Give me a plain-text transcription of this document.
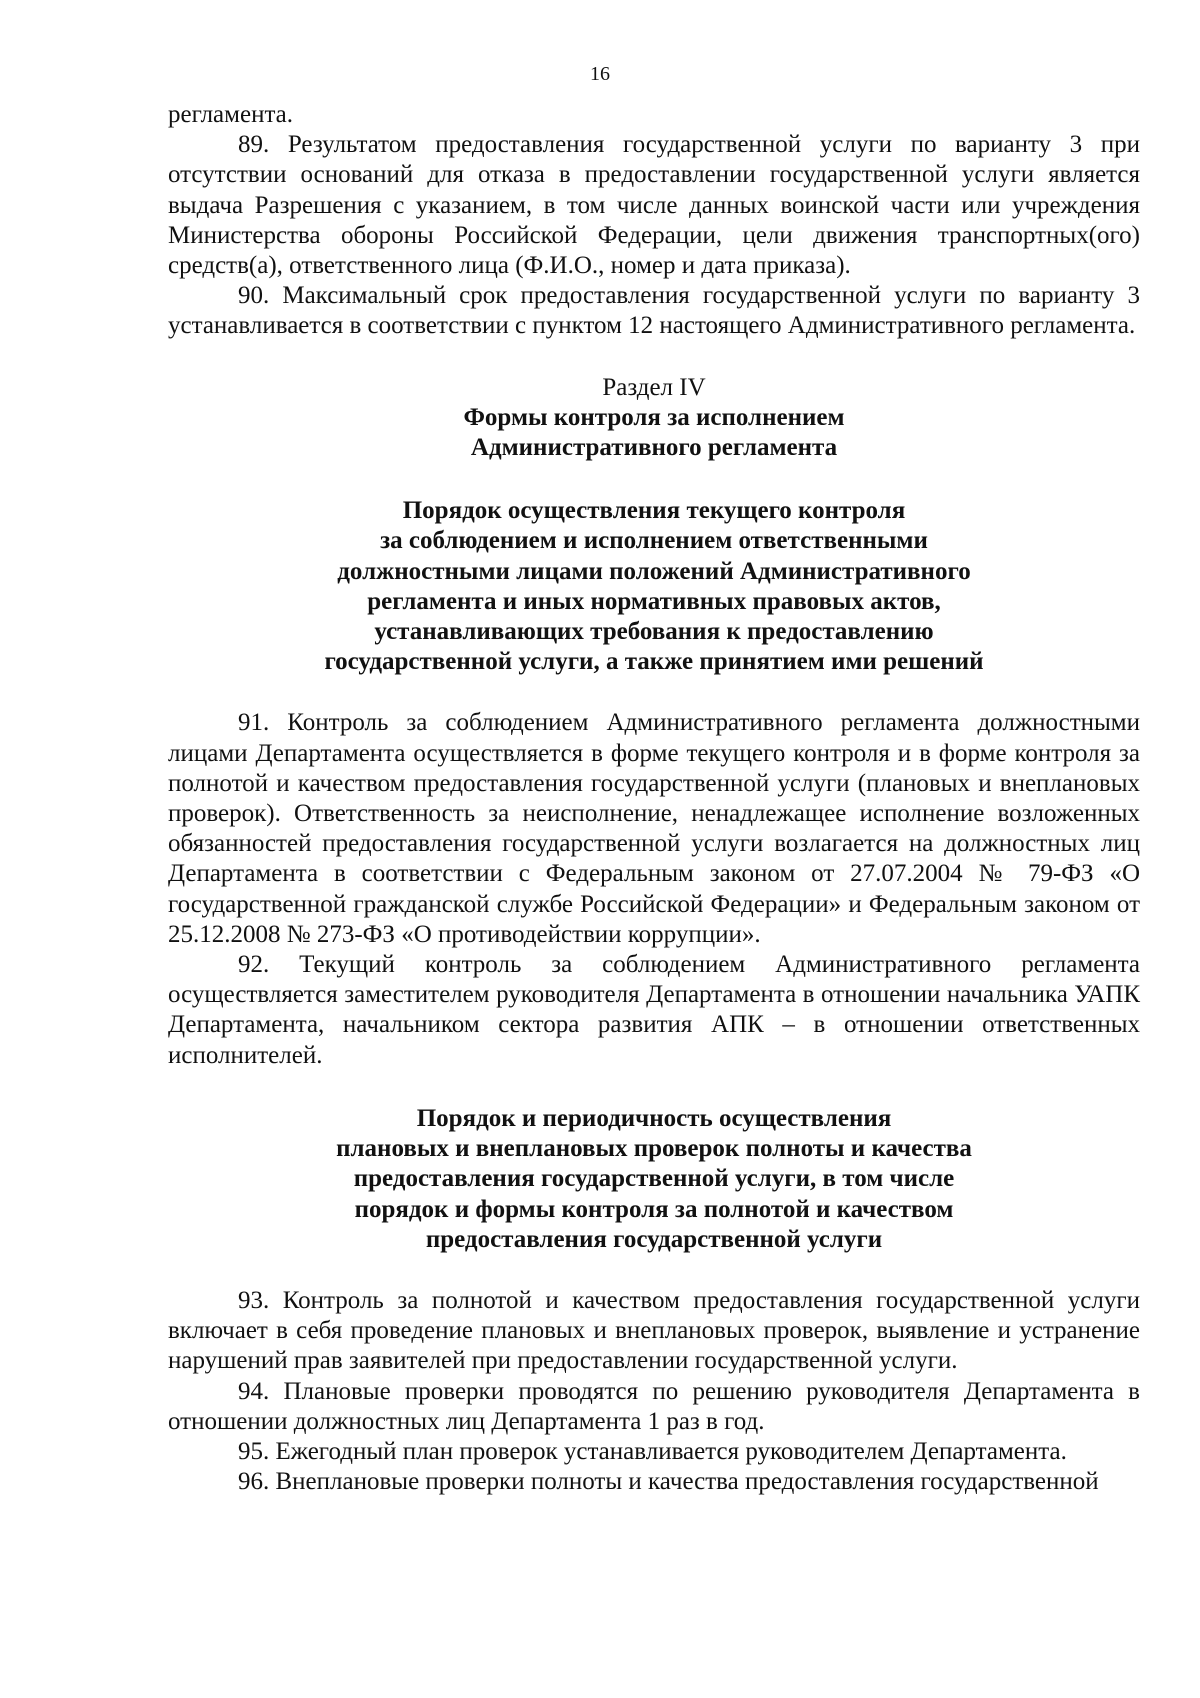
16

регламента.

89. Результатом предоставления государственной услуги по варианту 3 при отсутствии оснований для отказа в предоставлении государственной услуги является выдача Разрешения с указанием, в том числе данных воинской части или учреждения Министерства обороны Российской Федерации, цели движения транспортных(ого) средств(а), ответственного лица (Ф.И.О., номер и дата приказа).

90. Максимальный срок предоставления государственной услуги по варианту 3 устанавливается в соответствии с пунктом 12 настоящего Административного регламента.

Раздел IV

Формы контроля за исполнением

Административного регламента

Порядок осуществления текущего контроля

за соблюдением и исполнением ответственными

должностными лицами положений Административного

регламента и иных нормативных правовых актов,

устанавливающих требования к предоставлению

государственной услуги, а также принятием ими решений

91. Контроль за соблюдением Административного регламента должностными лицами Департамента осуществляется в форме текущего контроля и в форме контроля за полнотой и качеством предоставления государственной услуги (плановых и внеплановых проверок). Ответственность за неисполнение, ненадлежащее исполнение возложенных обязанностей предоставления государственной услуги возлагается на должностных лиц Департамента в соответствии с Федеральным законом от 27.07.2004 № 79-ФЗ «О государственной гражданской службе Российской Федерации» и Федеральным законом от 25.12.2008 № 273-ФЗ «О противодействии коррупции».

92. Текущий контроль за соблюдением Административного регламента осуществляется заместителем руководителя Департамента в отношении начальника УАПК Департамента, начальником сектора развития АПК – в отношении ответственных исполнителей.

Порядок и периодичность осуществления

плановых и внеплановых проверок полноты и качества

предоставления государственной услуги, в том числе

порядок и формы контроля за полнотой и качеством

предоставления государственной услуги

93. Контроль за полнотой и качеством предоставления государственной услуги включает в себя проведение плановых и внеплановых проверок, выявление и устранение нарушений прав заявителей при предоставлении государственной услуги.

94. Плановые проверки проводятся по решению руководителя Департамента в отношении должностных лиц Департамента 1 раз в год.

95. Ежегодный план проверок устанавливается руководителем Департамента.

96. Внеплановые проверки полноты и качества предоставления государственной
